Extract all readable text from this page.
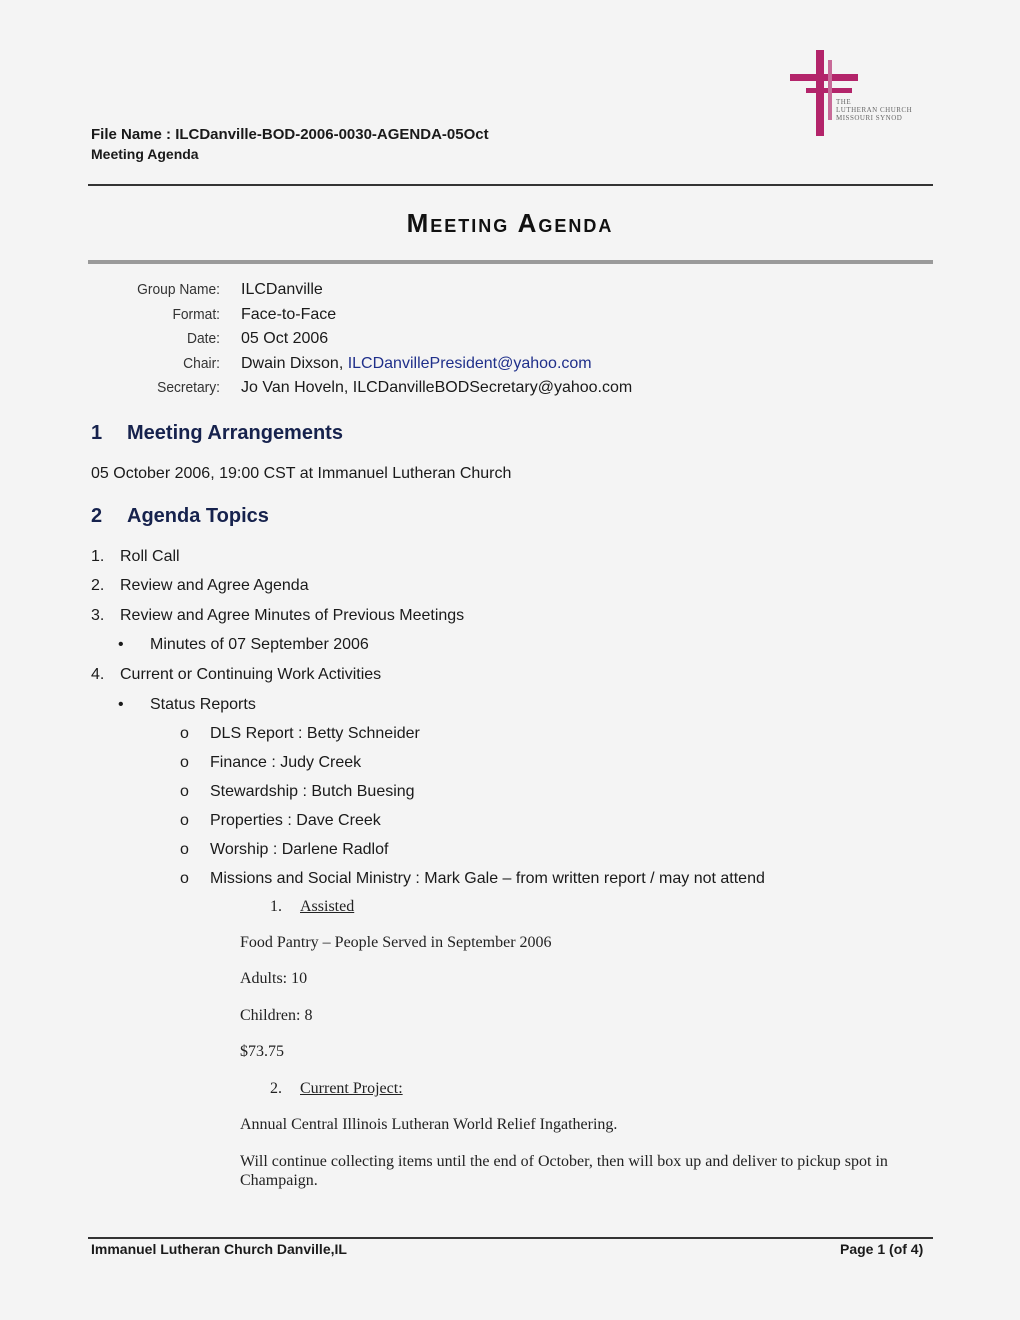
File Name : ILCDanville-BOD-2006-0030-AGENDA-05Oct
Meeting Agenda
THE
LUTHERAN CHURCH
MISSOURI SYNOD
Meeting Agenda
Group Name: ILCDanville
Format: Face-to-Face
Date: 05 Oct 2006
Chair: Dwain Dixson, ILCDanvillePresident@yahoo.com
Secretary: Jo Van Hoveln, ILCDanvilleBODSecretary@yahoo.com
1 Meeting Arrangements
05 October 2006, 19:00 CST at Immanuel Lutheran Church
2 Agenda Topics
1. Roll Call
2. Review and Agree Agenda
3. Review and Agree Minutes of Previous Meetings
• Minutes of 07 September 2006
4. Current or Continuing Work Activities
• Status Reports
o DLS Report : Betty Schneider
o Finance : Judy Creek
o Stewardship : Butch Buesing
o Properties : Dave Creek
o Worship : Darlene Radlof
o Missions and Social Ministry : Mark Gale – from written report / may not attend
1. Assisted
Food Pantry – People Served in September 2006
Adults: 10
Children: 8
$73.75
2. Current Project:
Annual Central Illinois Lutheran World Relief Ingathering.
Will continue collecting items until the end of October, then will box up and deliver to pickup spot in
Champaign.
Immanuel Lutheran Church Danville,IL	Page 1 (of 4)
